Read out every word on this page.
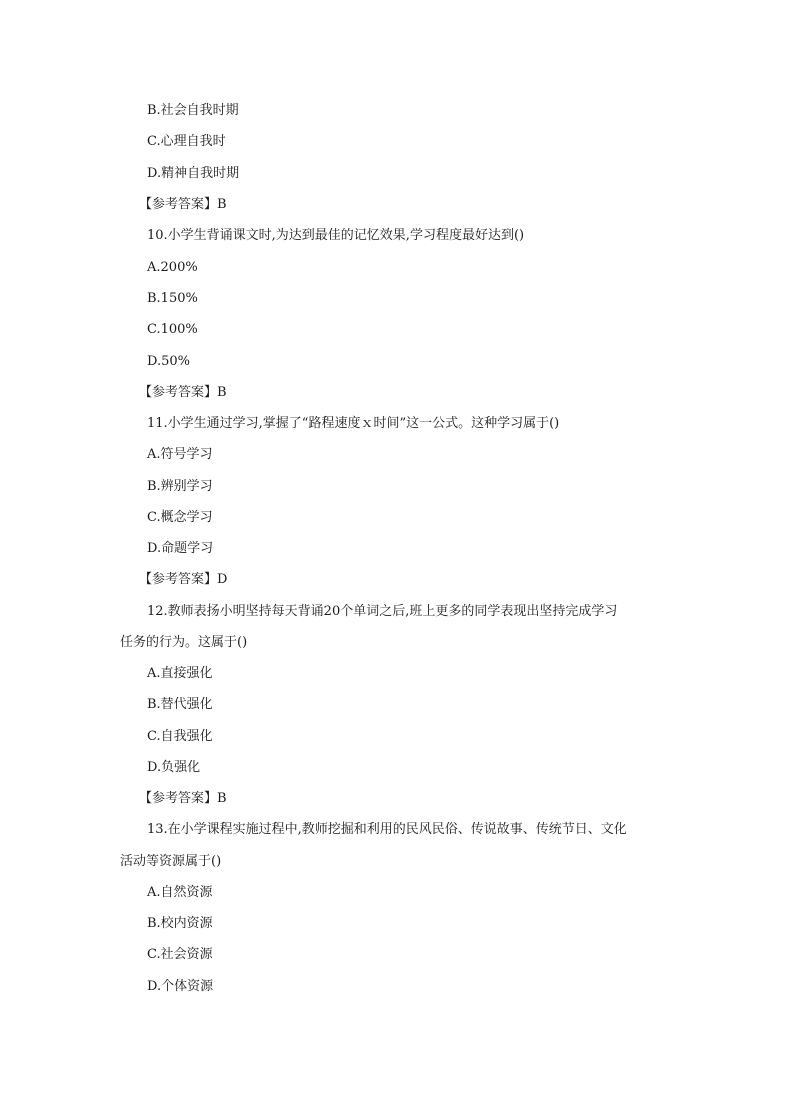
B.社会自我时期
C.心理自我时
D.精神自我时期
【参考答案】B
10.小学生背诵课文时,为达到最佳的记忆效果,学习程度最好达到()
A.200%
B.150%
C.100%
D.50%
【参考答案】B
11.小学生通过学习,掌握了“路程速度ｘ时间”这一公式。这种学习属于()
A.符号学习
B.辨别学习
C.概念学习
D.命题学习
【参考答案】D
12.教师表扬小明坚持每天背诵20个单词之后,班上更多的同学表现出坚持完成学习
任务的行为。这属于()
A.直接强化
B.替代强化
C.自我强化
D.负强化
【参考答案】B
13.在小学课程实施过程中,教师挖掘和利用的民风民俗、传说故事、传统节日、文化
活动等资源属于()
A.自然资源
B.校内资源
C.社会资源
D.个体资源
